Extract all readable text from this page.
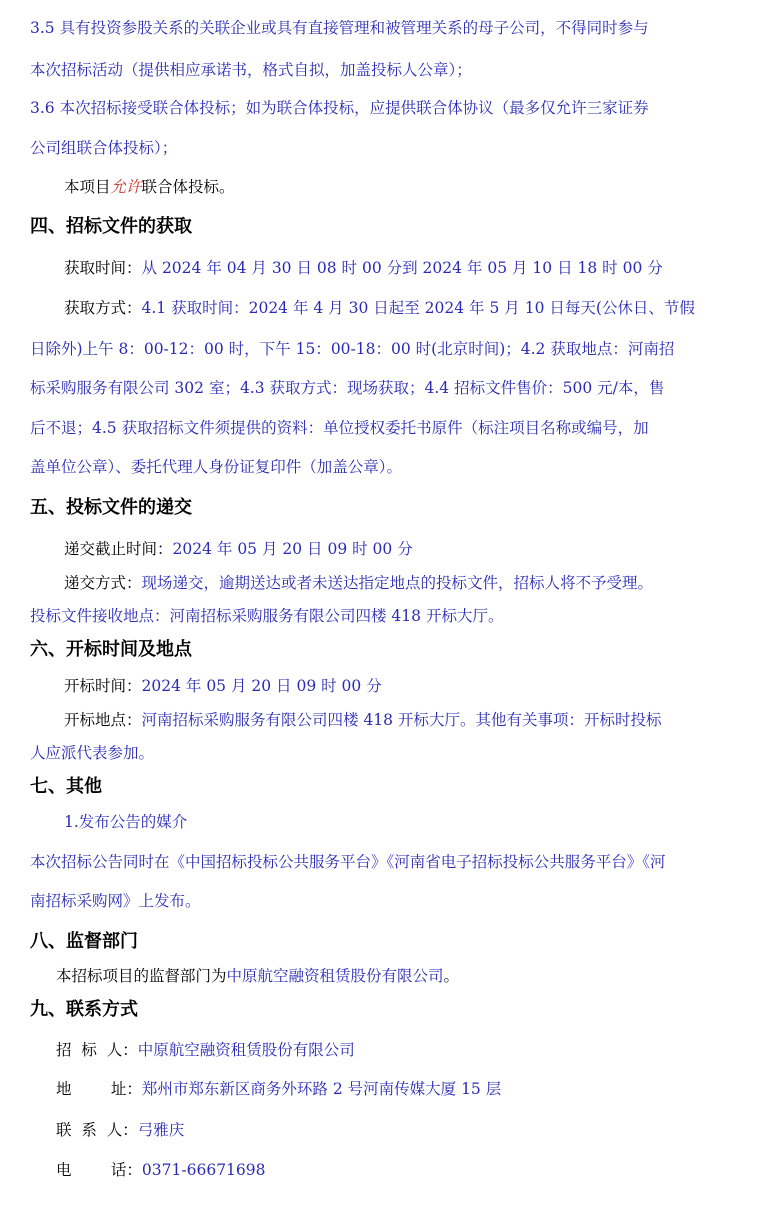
3.5 具有投资参股关系的关联企业或具有直接管理和被管理关系的母子公司，不得同时参与
本次招标活动（提供相应承诺书，格式自拟，加盖投标人公章）；
3.6 本次招标接受联合体投标；如为联合体投标，应提供联合体协议（最多仅允许三家证券
公司组联合体投标）；
本项目允许联合体投标。
四、招标文件的获取
获取时间：从 2024 年 04 月 30 日 08 时 00 分到 2024 年 05 月 10 日 18 时 00 分
获取方式：4.1 获取时间：2024 年 4 月 30 日起至 2024 年 5 月 10 日每天(公休日、节假
日除外)上午 8：00-12：00 时，下午 15：00-18：00 时(北京时间)；4.2 获取地点：河南招
标采购服务有限公司 302 室；4.3 获取方式：现场获取；4.4 招标文件售价：500 元/本，售
后不退；4.5 获取招标文件须提供的资料：单位授权委托书原件（标注项目名称或编号，加
盖单位公章）、委托代理人身份证复印件（加盖公章）。
五、投标文件的递交
递交截止时间：2024 年 05 月 20 日 09 时 00 分
递交方式：现场递交，逾期送达或者未送达指定地点的投标文件，招标人将不予受理。
投标文件接收地点：河南招标采购服务有限公司四楼 418 开标大厅。
六、开标时间及地点
开标时间：2024 年 05 月 20 日 09 时 00 分
开标地点：河南招标采购服务有限公司四楼 418 开标大厅。其他有关事项：开标时投标
人应派代表参加。
七、其他
1.发布公告的媒介
本次招标公告同时在《中国招标投标公共服务平台》《河南省电子招标投标公共服务平台》《河
南招标采购网》上发布。
八、监督部门
本招标项目的监督部门为中原航空融资租赁股份有限公司。
九、联系方式
招  标  人：中原航空融资租赁股份有限公司
地        址：郑州市郑东新区商务外环路 2 号河南传媒大厦 15 层
联  系  人：弓雅庆
电        话：0371-66671698
